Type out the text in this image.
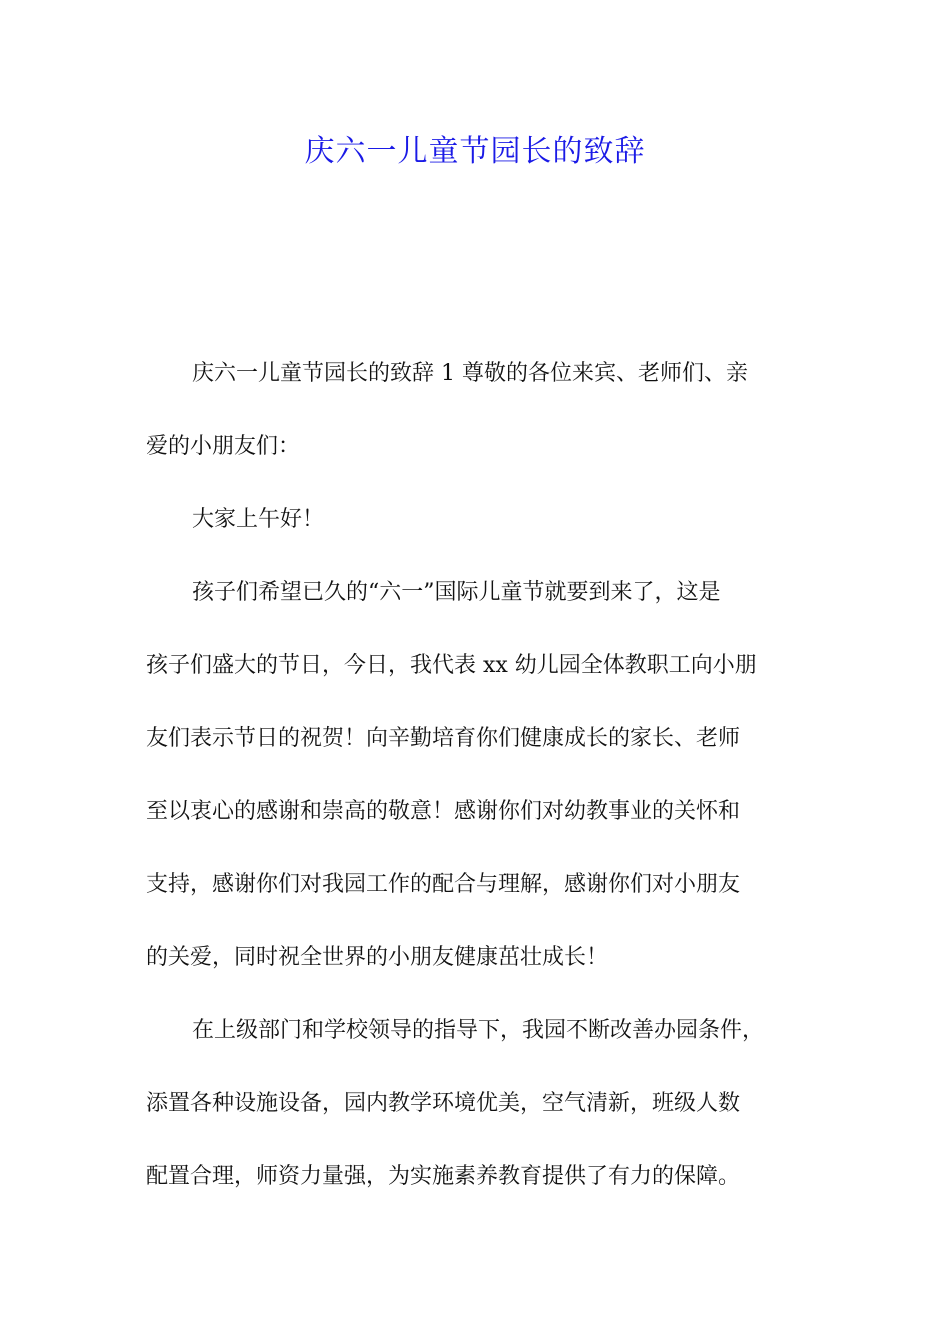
庆六一儿童节园长的致辞

庆六一儿童节园长的致辞 1 尊敬的各位来宾、老师们、亲
爱的小朋友们：

大家上午好！

孩子们希望已久的“六一”国际儿童节就要到来了，这是
孩子们盛大的节日，今日，我代表 xx 幼儿园全体教职工向小朋
友们表示节日的祝贺！向辛勤培育你们健康成长的家长、老师
至以衷心的感谢和崇高的敬意！感谢你们对幼教事业的关怀和
支持，感谢你们对我园工作的配合与理解，感谢你们对小朋友
的关爱，同时祝全世界的小朋友健康茁壮成长！

在上级部门和学校领导的指导下，我园不断改善办园条件，
添置各种设施设备，园内教学环境优美，空气清新，班级人数
配置合理，师资力量强，为实施素养教育提供了有力的保障。
